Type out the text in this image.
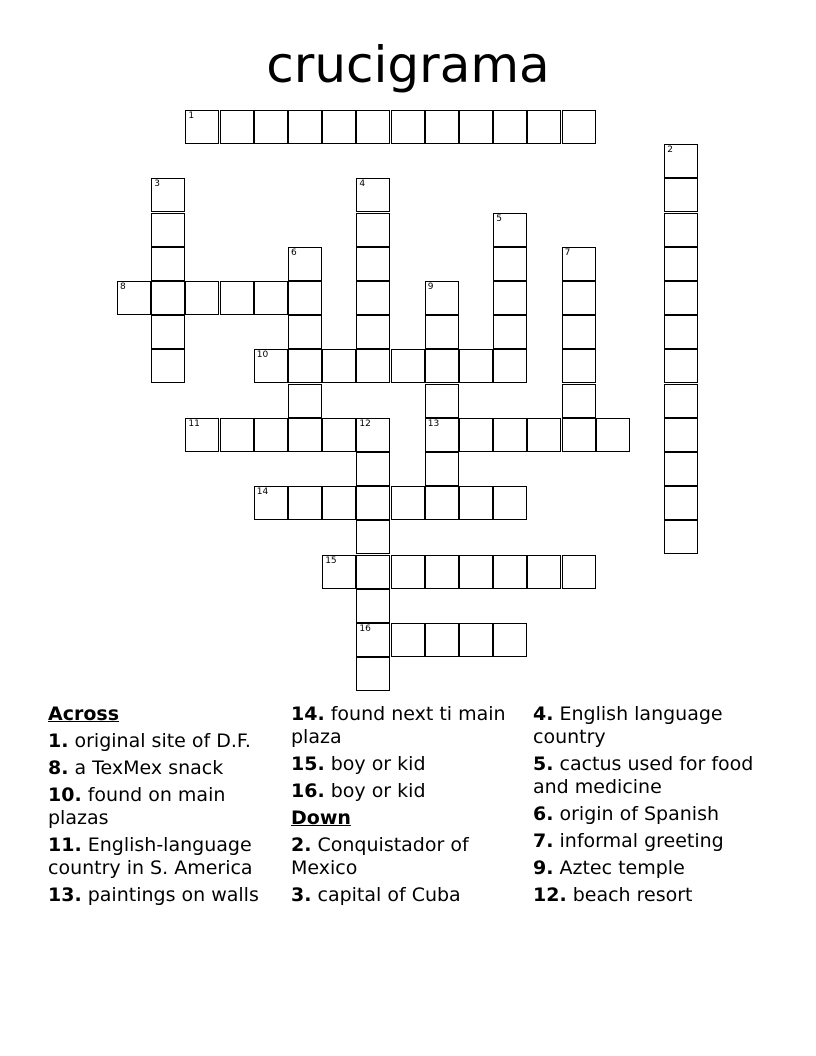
crucigrama
1
2
3	4
5
6	7
8	9
13
10
11	12
16
14
15
Across
1. original site of D.F.
8. a TexMex snack
10. found on main plazas
11. English-language country in S. America
13. paintings on walls
14. found next ti main plaza
15. boy or kid
16. boy or kid
Down
2. Conquistador of Mexico
3. capital of Cuba
4. English language country
5. cactus used for food and medicine
6. origin of Spanish
7. informal greeting
9. Aztec temple
12. beach resort
